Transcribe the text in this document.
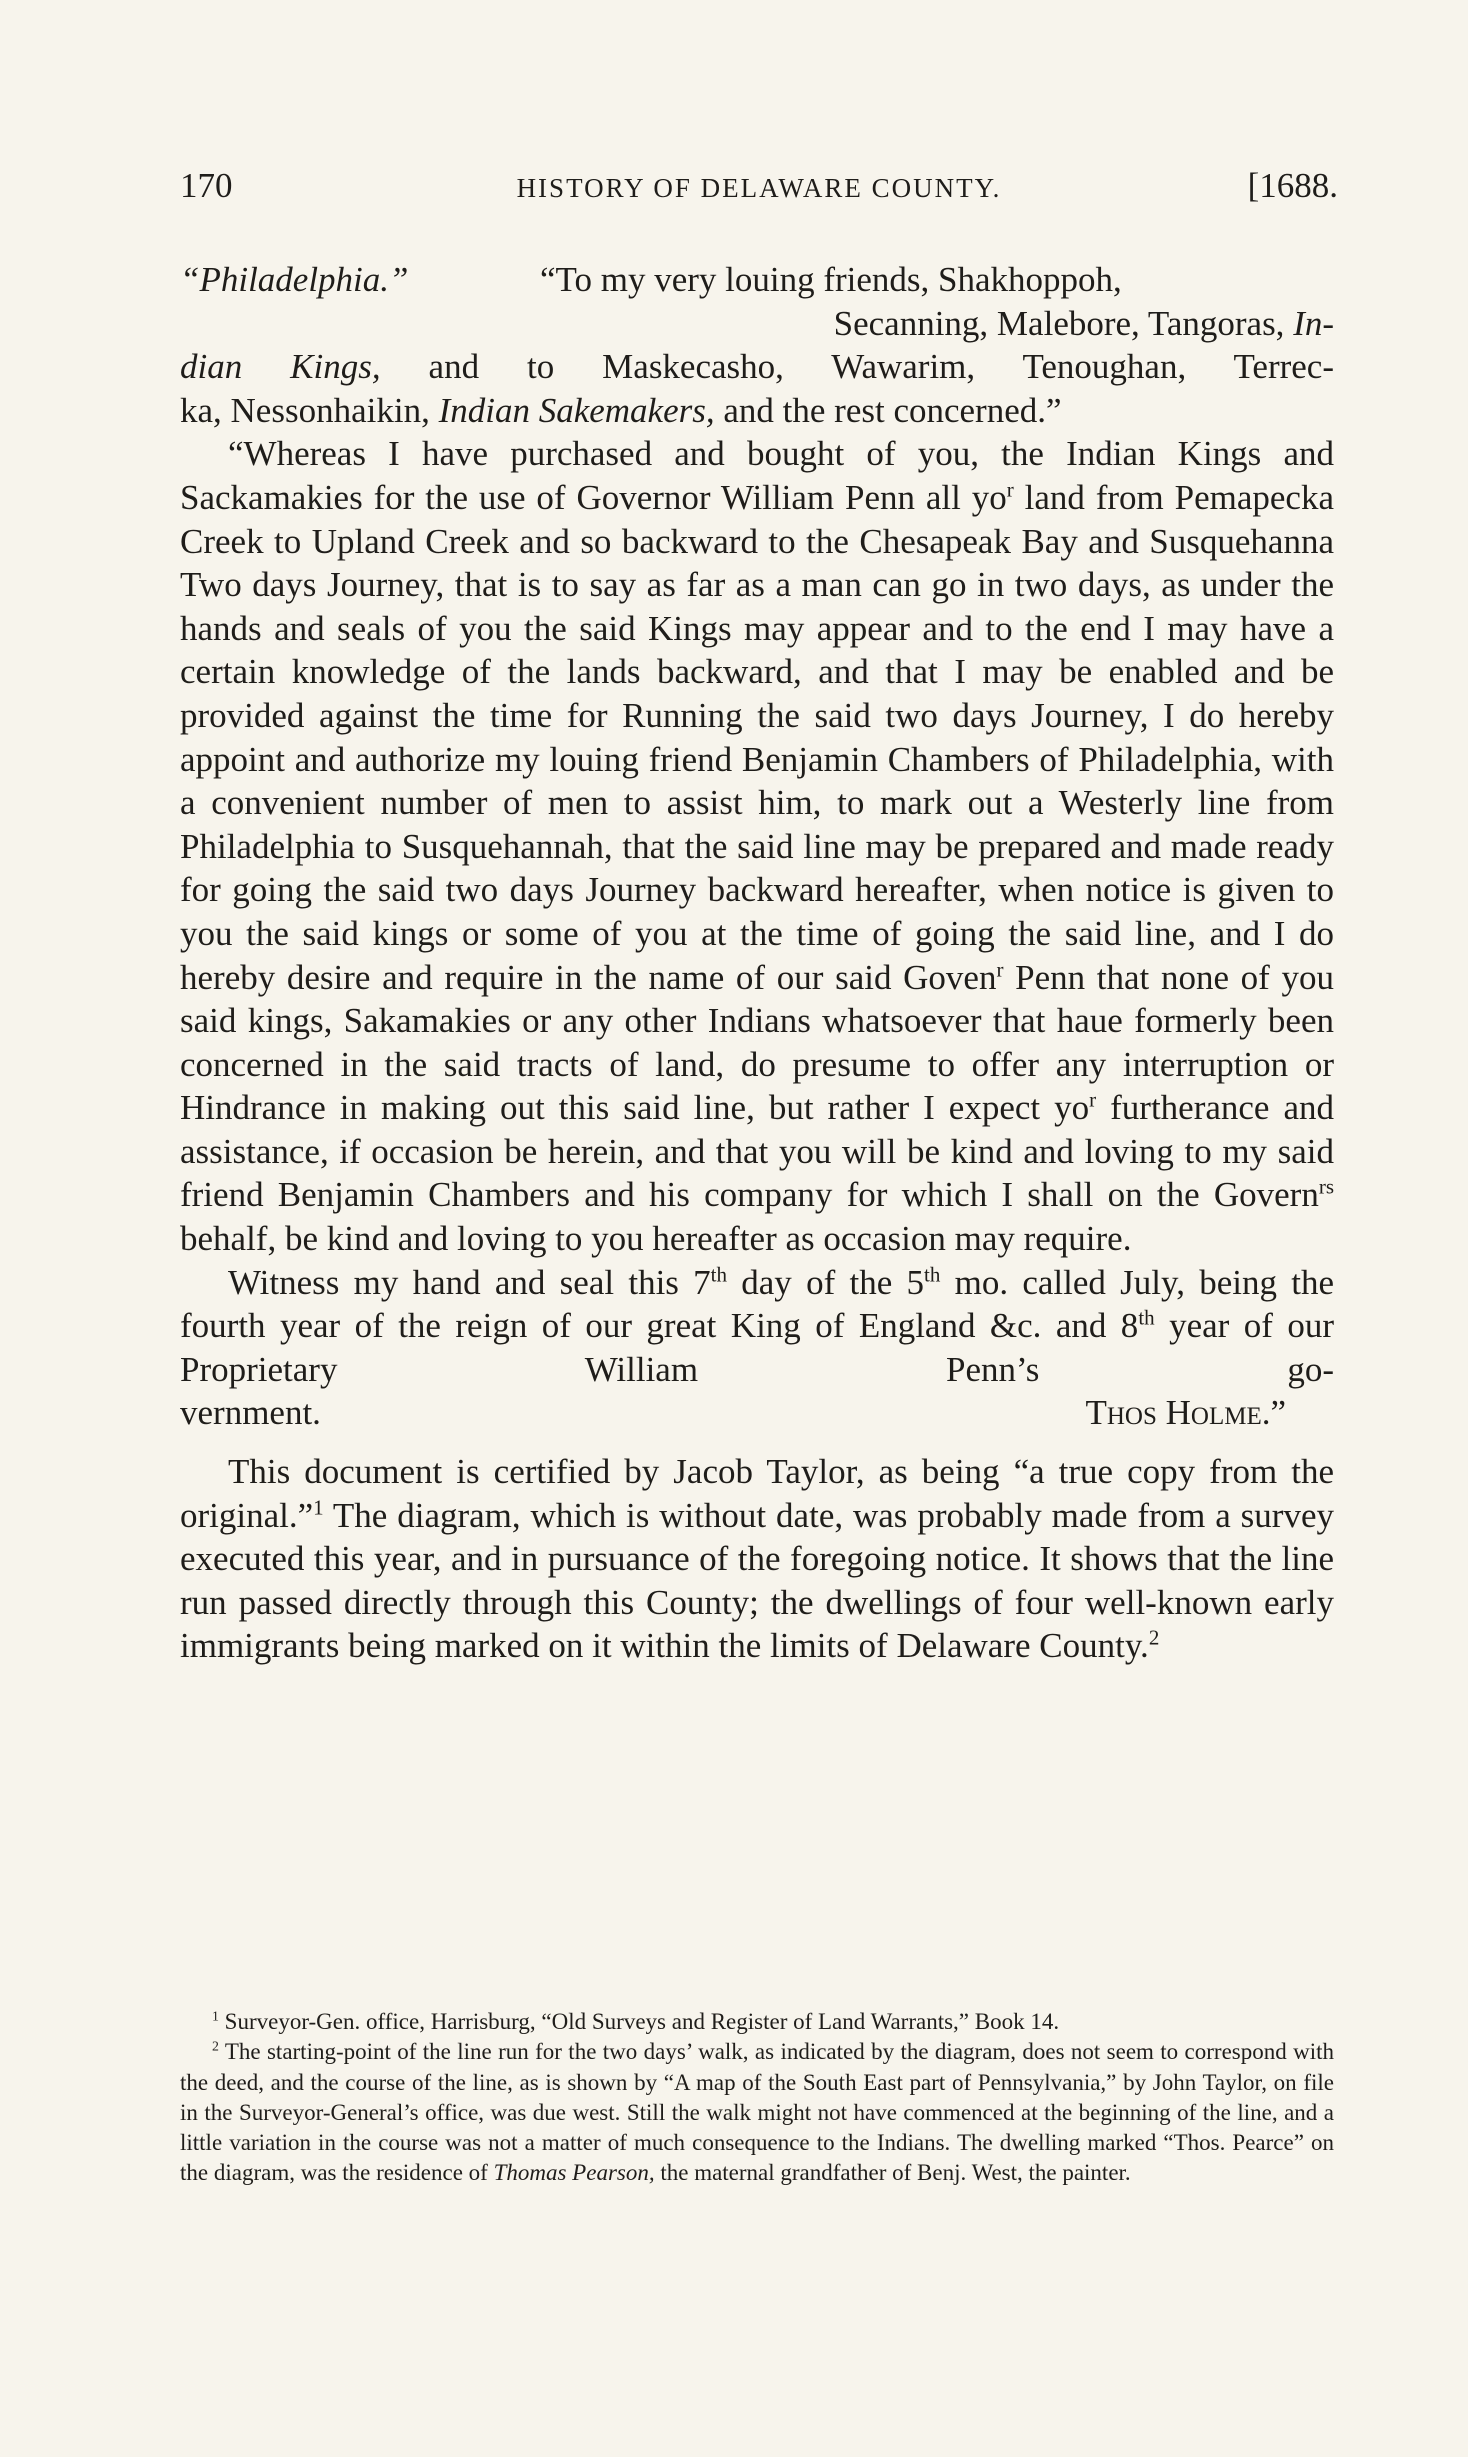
170	HISTORY OF DELAWARE COUNTY.	[1688.
“Philadelphia.”	“To my very louing friends, Shakhoppoh,
Secanning, Malebore, Tangoras, In-

dian Kings, and to Maskecasho, Wawarim, Tenoughan, Terrec-

ka, Nessonhaikin, Indian Sakemakers, and the rest concerned.”

“Whereas I have purchased and bought of you, the Indian Kings and Sackamakies for the use of Governor William Penn all $yo^r$ land from Pemapecka Creek to Upland Creek and so backward to the Chesapeak Bay and Susquehanna Two days Journey, that is to say as far as a man can go in two days, as under the hands and seals of you the said Kings may appear and to the end I may have a certain knowledge of the lands backward, and that I may be enabled and be provided against the time for Running the said two days Journey, I do hereby appoint and authorize my louing friend Benjamin Chambers of Philadelphia, with a convenient number of men to assist him, to mark out a Westerly line from Philadelphia to Susquehannah, that the said line may be prepared and made ready for going the said two days Journey backward hereafter, when notice is given to you the said kings or some of you at the time of going the said line, and I do hereby desire and require in the name of our said Goven$^r$ Penn that none of you said kings, Sakamakies or any other Indians whatsoever that haue formerly been concerned in the said tracts of land, do presume to offer any interruption or Hindrance in making out this said line, but rather I expect $yo^r$ furtherance and assistance, if occasion be herein, and that you will be kind and loving to my said friend Benjamin Chambers and his company for which I shall on the Govern$^{rs}$ behalf, be kind and loving to you hereafter as occasion may require.

Witness my hand and seal this 7th day of the 5th mo. called July, being the fourth year of the reign of our great King of England &c. and 8th year of our Proprietary William Penn’s go-

vernment.	Thos Holme.”

This document is certified by Jacob Taylor, as being “a true copy from the original.”$^1$ The diagram, which is without date, was probably made from a survey executed this year, and in pursuance of the foregoing notice. It shows that the line run passed directly through this County; the dwellings of four well-known early immigrants being marked on it within the limits of Delaware County.$^2$

$^1$ Surveyor-Gen. office, Harrisburg, “Old Surveys and Register of Land Warrants,” Book 14.

$^2$ The starting-point of the line run for the two days’ walk, as indicated by the diagram, does not seem to correspond with the deed, and the course of the line, as is shown by “A map of the South East part of Pennsylvania,” by John Taylor, on file in the Surveyor-General’s office, was due west. Still the walk might not have commenced at the beginning of the line, and a little variation in the course was not a matter of much consequence to the Indians. The dwelling marked “Thos. Pearce” on the diagram, was the residence of Thomas Pearson, the maternal grandfather of Benj. West, the painter.
